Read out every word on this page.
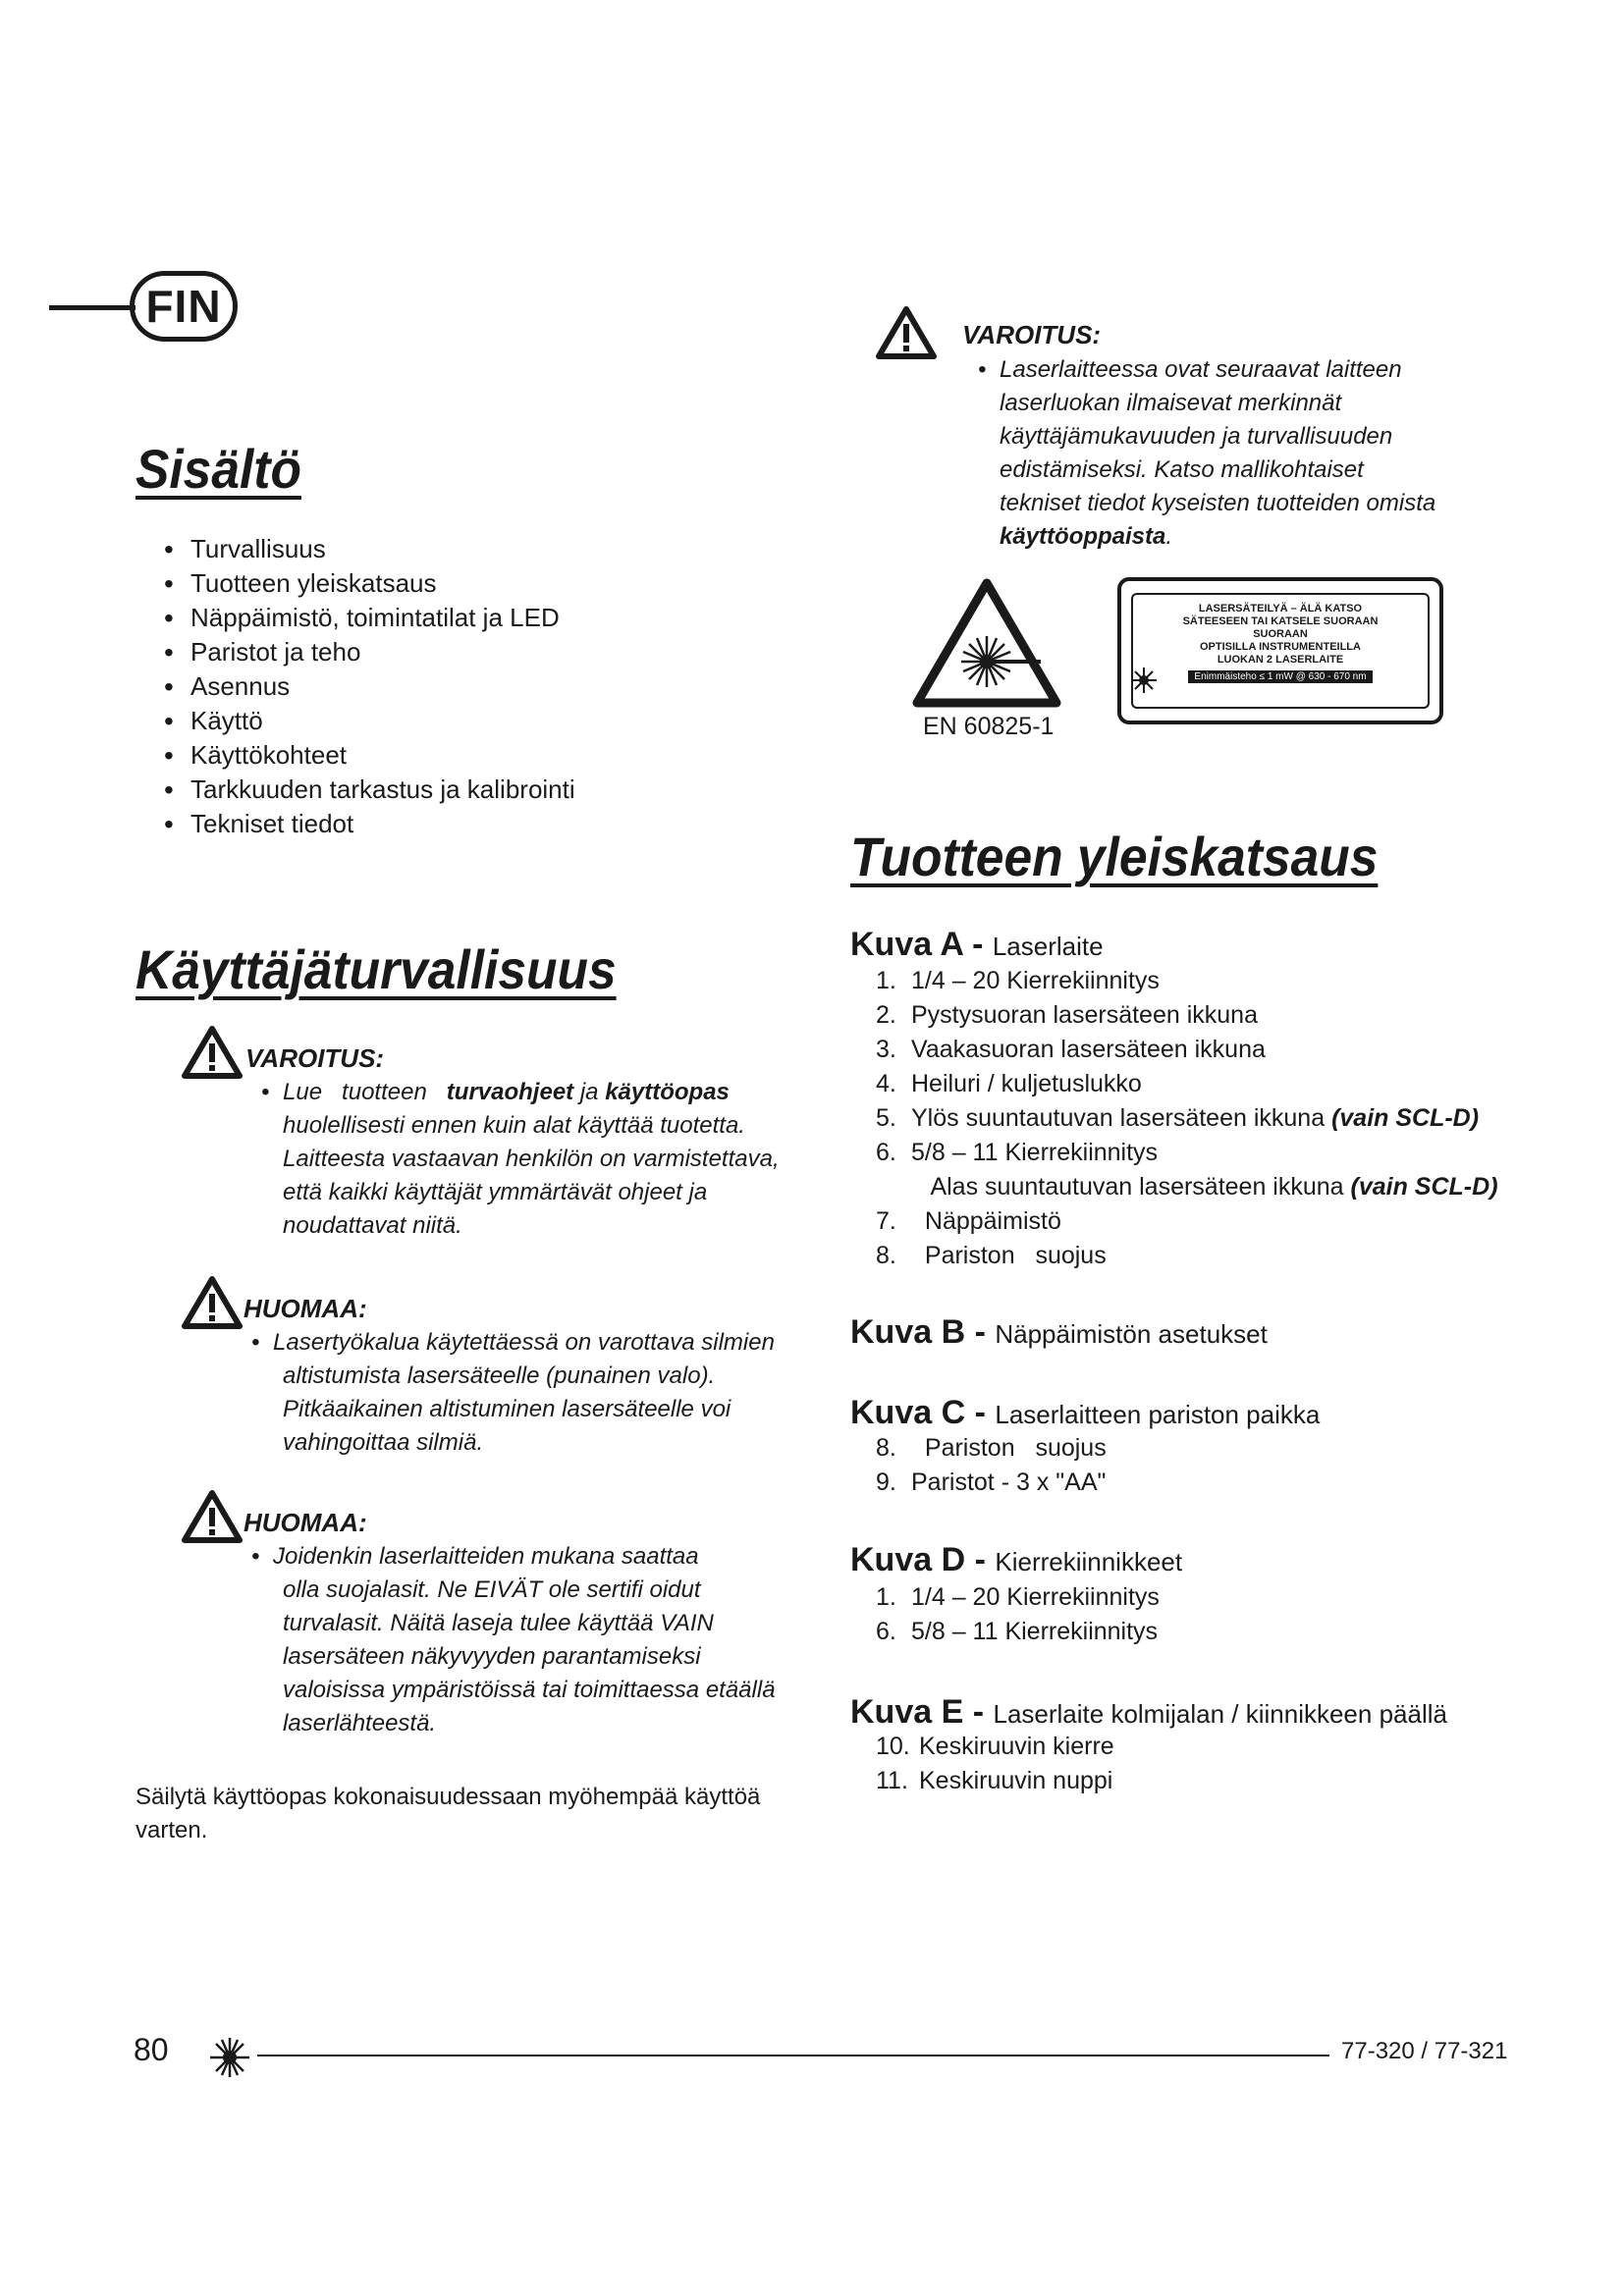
FIN
Sisältö
• Turvallisuus
• Tuotteen yleiskatsaus
• Näppäimistö, toimintatilat ja LED
• Paristot ja teho
• Asennus
• Käyttö
• Käyttökohteet
• Tarkkuuden tarkastus ja kalibrointi
• Tekniset tiedot
Käyttäjäturvallisuus
VAROITUS:
• Lue   tuotteen   turvaohjeet ja käyttöopas
huolellisesti ennen kuin alat käyttää tuotetta.
Laitteesta vastaavan henkilön on varmistettava,
että kaikki käyttäjät ymmärtävät ohjeet ja
noudattavat niitä.
HUOMAA:
• Lasertyökalua käytettäessä on varottava silmien
altistumista lasersäteelle (punainen valo).
Pitkäaikainen altistuminen lasersäteelle voi
vahingoittaa silmiä.
HUOMAA:
• Joidenkin laserlaitteiden mukana saattaa
olla suojalasit. Ne EIVÄT ole sertifi oidut
turvalasit. Näitä laseja tulee käyttää VAIN
lasersäteen näkyvyyden parantamiseksi
valoisissa ympäristöissä tai toimittaessa etäällä
laserlähteestä.
Säilytä käyttöopas kokonaisuudessaan myöhempää käyttöä
varten.
VAROITUS:
• Laserlaitteessa ovat seuraavat laitteen
laserluokan ilmaisevat merkinnät
käyttäjämukavuuden ja turvallisuuden
edistämiseksi. Katso mallikohtaiset
tekniset tiedot kyseisten tuotteiden omista
käyttöoppaista.
LASERSÄTEILYÄ – ÄLÄ KATSO
SÄTEESEEN TAI KATSELE SUORAAN
SUORAAN
OPTISILLA INSTRUMENTEILLA
LUOKAN 2 LASERLAITE
Enimmäisteho ≤ 1 mW @ 630 - 670 nm
EN 60825-1
Tuotteen yleiskatsaus
Kuva A - Laserlaite
1. 1/4 – 20 Kierrekiinnitys
2. Pystysuoran lasersäteen ikkuna
3. Vaakasuoran lasersäteen ikkuna
4. Heiluri / kuljetuslukko
5. Ylös suuntautuvan lasersäteen ikkuna (vain SCL-D)
6. 5/8 – 11 Kierrekiinnitys
Alas suuntautuvan lasersäteen ikkuna (vain SCL-D)
7.  Näppäimistö
8.  Pariston   suojus
Kuva B - Näppäimistön asetukset
Kuva C - Laserlaitteen pariston paikka
8.  Pariston   suojus
9. Paristot - 3 x "AA"
Kuva D - Kierrekiinnikkeet
1. 1/4 – 20 Kierrekiinnitys
6. 5/8 – 11 Kierrekiinnitys
Kuva E - Laserlaite kolmijalan / kiinnikkeen päällä
10. Keskiruuvin kierre
11. Keskiruuvin nuppi
80	77-320 / 77-321
